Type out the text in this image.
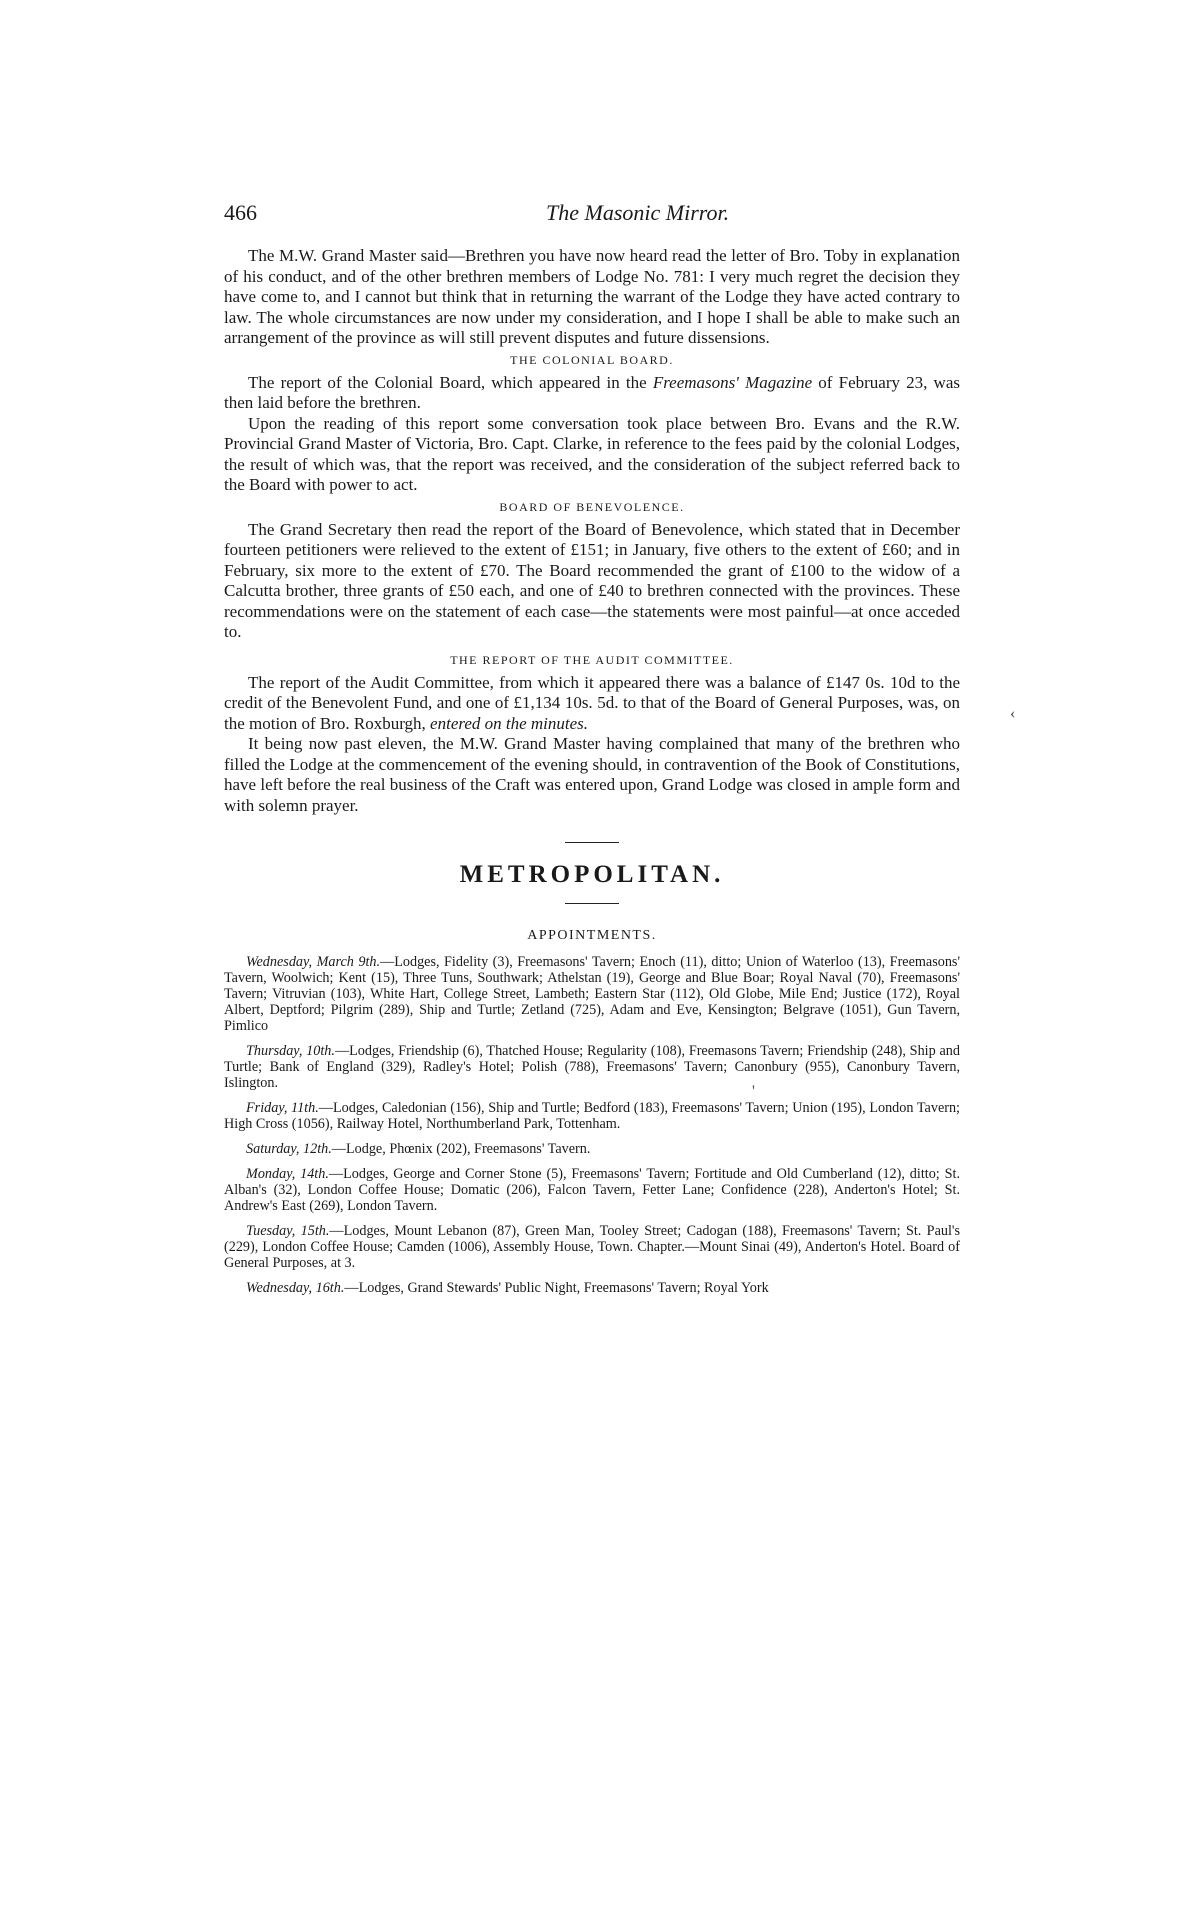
466	The Masonic Mirror.

The M.W. Grand Master said—Brethren you have now heard read the letter of Bro. Toby in explanation of his conduct, and of the other brethren members of Lodge No. 781: I very much regret the decision they have come to, and I cannot but think that in returning the warrant of the Lodge they have acted contrary to law. The whole circumstances are now under my consideration, and I hope I shall be able to make such an arrangement of the province as will still prevent disputes and future dissensions.

THE COLONIAL BOARD.

The report of the Colonial Board, which appeared in the Freemasons' Magazine of February 23, was then laid before the brethren.

Upon the reading of this report some conversation took place between Bro. Evans and the R.W. Provincial Grand Master of Victoria, Bro. Capt. Clarke, in reference to the fees paid by the colonial Lodges, the result of which was, that the report was received, and the consideration of the subject referred back to the Board with power to act.

BOARD OF BENEVOLENCE.

The Grand Secretary then read the report of the Board of Benevolence, which stated that in December fourteen petitioners were relieved to the extent of £151; in January, five others to the extent of £60; and in February, six more to the extent of £70. The Board recommended the grant of £100 to the widow of a Calcutta brother, three grants of £50 each, and one of £40 to brethren connected with the provinces. These recommendations were on the statement of each case—the statements were most painful—at once acceded to.

THE REPORT OF THE AUDIT COMMITTEE.

The report of the Audit Committee, from which it appeared there was a balance of £147 0s. 10d to the credit of the Benevolent Fund, and one of £1,134 10s. 5d. to that of the Board of General Purposes, was, on the motion of Bro. Roxburgh, entered on the minutes.

It being now past eleven, the M.W. Grand Master having complained that many of the brethren who filled the Lodge at the commencement of the evening should, in contravention of the Book of Constitutions, have left before the real business of the Craft was entered upon, Grand Lodge was closed in ample form and with solemn prayer.

METROPOLITAN.
APPOINTMENTS.

Wednesday, March 9th.—Lodges, Fidelity (3), Freemasons' Tavern; Enoch (11), ditto; Union of Waterloo (13), Freemasons' Tavern, Woolwich; Kent (15), Three Tuns, Southwark; Athelstan (19), George and Blue Boar; Royal Naval (70), Freemasons' Tavern; Vitruvian (103), White Hart, College Street, Lambeth; Eastern Star (112), Old Globe, Mile End; Justice (172), Royal Albert, Deptford; Pilgrim (289), Ship and Turtle; Zetland (725), Adam and Eve, Kensington; Belgrave (1051), Gun Tavern, Pimlico

Thursday, 10th.—Lodges, Friendship (6), Thatched House; Regularity (108), Freemasons Tavern; Friendship (248), Ship and Turtle; Bank of England (329), Radley's Hotel; Polish (788), Freemasons' Tavern; Canonbury (955), Canonbury Tavern, Islington.

Friday, 11th.—Lodges, Caledonian (156), Ship and Turtle; Bedford (183), Freemasons' Tavern; Union (195), London Tavern; High Cross (1056), Railway Hotel, Northumberland Park, Tottenham.

Saturday, 12th.—Lodge, Phœnix (202), Freemasons' Tavern.

Monday, 14th.—Lodges, George and Corner Stone (5), Freemasons' Tavern; Fortitude and Old Cumberland (12), ditto; St. Alban's (32), London Coffee House; Domatic (206), Falcon Tavern, Fetter Lane; Confidence (228), Anderton's Hotel; St. Andrew's East (269), London Tavern.

Tuesday, 15th.—Lodges, Mount Lebanon (87), Green Man, Tooley Street; Cadogan (188), Freemasons' Tavern; St. Paul's (229), London Coffee House; Camden (1006), Assembly House, Town. Chapter.—Mount Sinai (49), Anderton's Hotel. Board of General Purposes, at 3.

Wednesday, 16th.—Lodges, Grand Stewards' Public Night, Freemasons' Tavern; Royal York

‹
'
